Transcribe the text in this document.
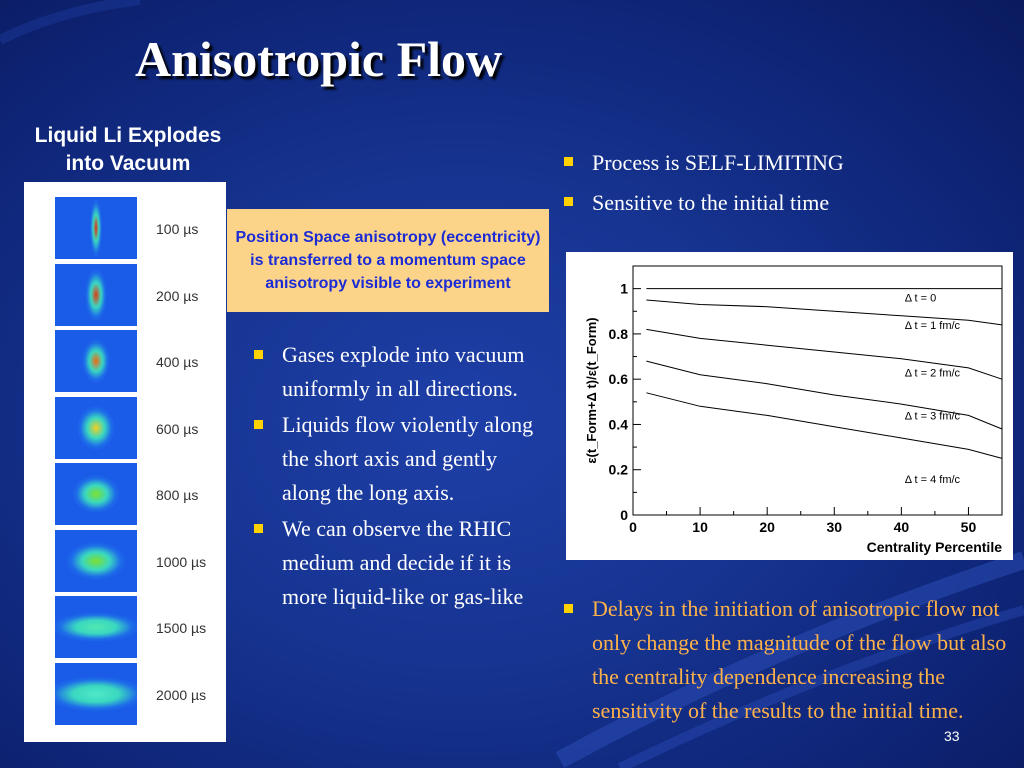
Anisotropic Flow
Liquid Li Explodes
into Vacuum
100 µs
200 µs
400 µs
600 µs
800 µs
1000 µs
1500 µs
2000 µs
Position Space anisotropy (eccentricity) is transferred to a momentum space anisotropy visible to experiment
Process is SELF-LIMITING
Sensitive to the initial time
0	10	20	30	40	50
0
0.2
0.4
0.6
0.8
1
Centrality Percentile
ε(t_Form+Δ t)/ε(t_Form)
Δ t = 0
Δ t = 1 fm/c
Δ t = 2 fm/c
Δ t = 3 fm/c
Δ t = 4 fm/c
Gases explode into vacuum uniformly in all directions.
Liquids flow violently along the short axis and gently along the long axis.
We can observe the RHIC medium and decide if it is more liquid-like or gas-like	Delays in the initiation of anisotropic flow not only change the magnitude of the flow but also the centrality dependence increasing the sensitivity of the results to the initial time.
33
